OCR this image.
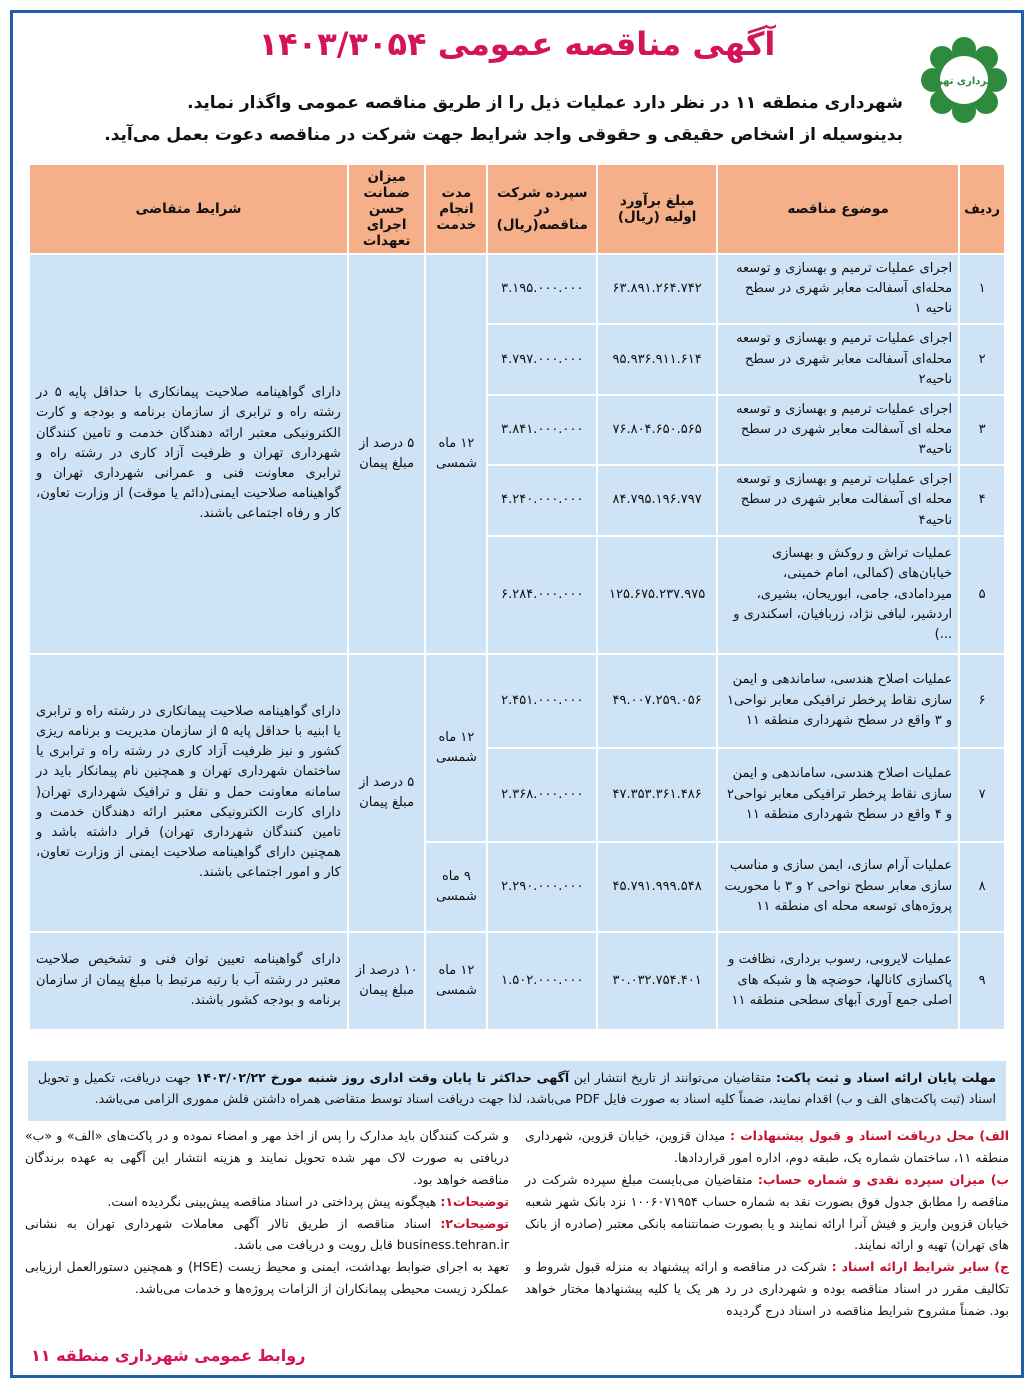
شهرداری تهران
آگهی مناقصه عمومی ۱۴۰۳/۳۰۵۴
شهرداری منطقه ۱۱ در نظر دارد عملیات ذیل را از طریق مناقصه عمومی واگذار نماید.
بدینوسیله از اشخاص حقیقی و حقوقی واجد شرایط جهت شرکت در مناقصه دعوت بعمل می‌آید.
ردیف	موضوع مناقصه	مبلغ برآورد اولیه (ریال)	سپرده شرکت در مناقصه(ریال)	مدت انجام خدمت	میزان ضمانت حسن اجرای تعهدات	شرایط متقاضی
۱	اجرای عملیات ترمیم و بهسازی و توسعه محله‌ای آسفالت معابر شهری در سطح ناحیه ۱	۶۳.۸۹۱.۲۶۴.۷۴۲	۳.۱۹۵.۰۰۰.۰۰۰	۱۲ ماه شمسی	۵ درصد از مبلغ پیمان	دارای گواهینامه صلاحیت پیمانکاری با حداقل پایه ۵ در رشته راه و ترابری از سازمان برنامه و بودجه و کارت الکترونیکی معتبر ارائه دهندگان خدمت و تامین کنندگان شهرداری تهران و ظرفیت آزاد کاری در رشته راه و ترابری معاونت فنی و عمرانی شهرداری تهران و گواهینامه صلاحیت ایمنی(دائم یا موقت) از وزارت تعاون، کار و رفاه اجتماعی باشند.
۲	اجرای عملیات ترمیم و بهسازی و توسعه محله‌ای آسفالت معابر شهری در سطح ناحیه۲	۹۵.۹۳۶.۹۱۱.۶۱۴	۴.۷۹۷.۰۰۰.۰۰۰			
۳	اجرای عملیات ترمیم و بهسازی و توسعه محله ای آسفالت معابر شهری در سطح ناحیه۳	۷۶.۸۰۴.۶۵۰.۵۶۵	۳.۸۴۱.۰۰۰.۰۰۰			
۴	اجرای عملیات ترمیم و بهسازی و توسعه محله ای آسفالت معابر شهری در سطح ناحیه۴	۸۴.۷۹۵.۱۹۶.۷۹۷	۴.۲۴۰.۰۰۰.۰۰۰			
۵	عملیات تراش و روکش و بهسازی خیابان‌های (کمالی، امام خمینی، میردامادی، جامی، ابوریحان، بشیری، اردشیر، لبافی نژاد، زربافیان، اسکندری و ...)	۱۲۵.۶۷۵.۲۳۷.۹۷۵	۶.۲۸۴.۰۰۰.۰۰۰			
۶	عملیات اصلاح هندسی، ساماندهی و ایمن سازی نقاط پرخطر ترافیکی معابر نواحی۱ و ۳ واقع در سطح شهرداری منطقه ۱۱	۴۹.۰۰۷.۲۵۹.۰۵۶	۲.۴۵۱.۰۰۰.۰۰۰	۱۲ ماه شمسی	۵ درصد از مبلغ پیمان	دارای گواهینامه صلاحیت پیمانکاری در رشته راه و ترابری یا ابنیه با حداقل پایه ۵ از سازمان مدیریت و برنامه ریزی کشور و نیز ظرفیت آزاد کاری در رشته راه و ترابری یا ساختمان شهرداری تهران و همچنین نام پیمانکار باید در سامانه معاونت حمل و نقل و ترافیک شهرداری تهران( دارای کارت الکترونیکی معتبر ارائه دهندگان خدمت و تامین کنندگان شهرداری تهران) قرار داشته باشد و همچنین دارای گواهینامه صلاحیت ایمنی از وزارت تعاون، کار و امور اجتماعی باشند.
۷	عملیات اصلاح هندسی، ساماندهی و ایمن سازی نقاط پرخطر ترافیکی معابر نواحی۲ و ۴ واقع در سطح شهرداری منطقه ۱۱	۴۷.۳۵۳.۳۶۱.۴۸۶	۲.۳۶۸.۰۰۰.۰۰۰			
۸	عملیات آرام سازی، ایمن سازی و مناسب سازی معابر سطح نواحی ۲ و ۳ با محوریت پروژه‌های توسعه محله ای منطقه ۱۱	۴۵.۷۹۱.۹۹۹.۵۴۸	۲.۲۹۰.۰۰۰.۰۰۰	۹ ماه شمسی		
۹	عملیات لایروبی، رسوب برداری، نظافت و پاکسازی کانالها، حوضچه ها و شبکه های اصلی جمع آوری آبهای سطحی منطقه ۱۱	۳۰.۰۳۲.۷۵۴.۴۰۱	۱.۵۰۲.۰۰۰.۰۰۰	۱۲ ماه شمسی	۱۰ درصد از مبلغ پیمان	دارای گواهینامه تعیین توان فنی و تشخیص صلاحیت معتبر در رشته آب با رتبه مرتبط با مبلغ پیمان از سازمان برنامه و بودجه کشور باشند.
مهلت پایان ارائه اسناد و ثبت پاکت: متقاضیان می‌توانند از تاریخ انتشار این آگهی حداکثر تا پایان وقت اداری روز شنبه مورخ ۱۴۰۳/۰۲/۲۲ جهت دریافت، تکمیل و تحویل اسناد (ثبت پاکت‌های الف و ب) اقدام نمایند، ضمناً کلیه اسناد به صورت فایل PDF می‌باشد، لذا جهت دریافت اسناد توسط متقاضی همراه داشتن فلش مموری الزامی می‌باشد.
الف) محل دریافت اسناد و قبول پیشنهادات : میدان قزوین، خیابان قزوین، شهرداری منطقه ۱۱، ساختمان شماره یک، طبقه دوم، اداره امور قراردادها.
ب) میزان سپرده نقدی و شماره حساب: متقاضیان می‌بایست مبلغ سپرده شرکت در مناقصه را مطابق جدول فوق بصورت نقد به شماره حساب ۱۰۰۶۰۷۱۹۵۴ نزد بانک شهر شعبه خیابان قزوین واریز و فیش آنرا ارائه نمایند و یا بصورت ضمانتنامه بانکی معتبر (صادره از بانک های تهران) تهیه و ارائه نمایند.
ج) سایر شرایط ارائه اسناد : شرکت در مناقصه و ارائه پیشنهاد به منزله قبول شروط و تکالیف مقرر در اسناد مناقصه بوده و شهرداری در رد هر یک یا کلیه پیشنهادها مختار خواهد بود. ضمناً مشروح شرایط مناقصه در اسناد درج گردیده
و شرکت کنندگان باید مدارک را پس از اخذ مهر و امضاء نموده و در پاکت‌های «الف» و «ب» دریافتی به صورت لاک مهر شده تحویل نمایند و هزینه انتشار این آگهی به عهده برندگان مناقصه خواهد بود.
توضیحات۱: هیچگونه پیش پرداختی در اسناد مناقصه پیش‌بینی نگردیده است.
توضیحات۲: اسناد مناقصه از طریق تالار آگهی معاملات شهرداری تهران به نشانی business.tehran.ir قابل رویت و دریافت می باشد.
تعهد به اجرای ضوابط بهداشت، ایمنی و محیط زیست (HSE) و همچنین دستورالعمل ارزیابی عملکرد زیست محیطی پیمانکاران از الزامات پروژه‌ها و خدمات می‌باشد.
روابط عمومی شهرداری منطقه ۱۱
